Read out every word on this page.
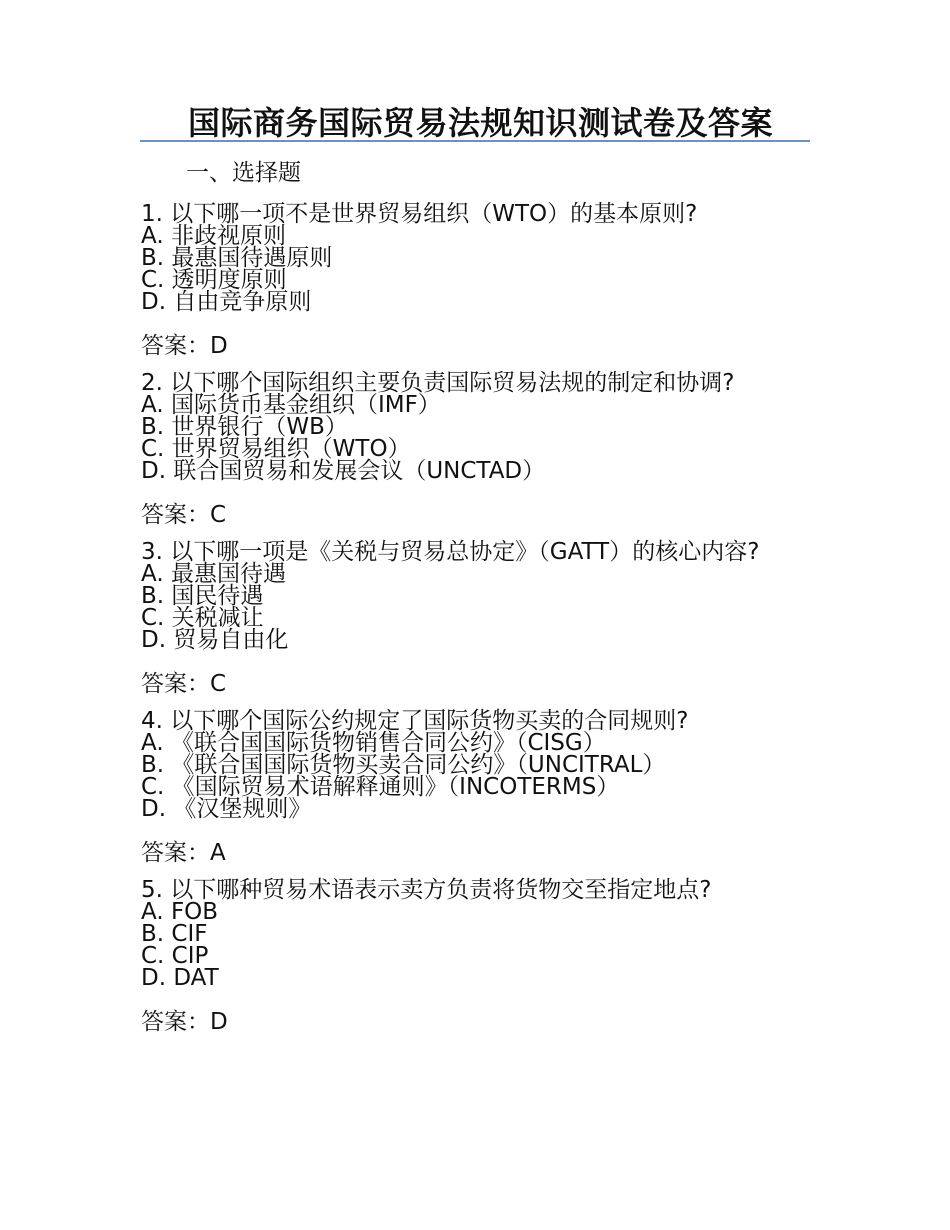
国际商务国际贸易法规知识测试卷及答案
一、选择题
1. 以下哪一项不是世界贸易组织（WTO）的基本原则?
A. 非歧视原则
B. 最惠国待遇原则
C. 透明度原则
D. 自由竞争原则
答案：D
2. 以下哪个国际组织主要负责国际贸易法规的制定和协调?
A. 国际货币基金组织（IMF）
B. 世界银行（WB）
C. 世界贸易组织（WTO）
D. 联合国贸易和发展会议（UNCTAD）
答案：C
3. 以下哪一项是《关税与贸易总协定》（GATT）的核心内容?
A. 最惠国待遇
B. 国民待遇
C. 关税减让
D. 贸易自由化
答案：C
4. 以下哪个国际公约规定了国际货物买卖的合同规则?
A. 《联合国国际货物销售合同公约》（CISG）
B. 《联合国国际货物买卖合同公约》（UNCITRAL）
C. 《国际贸易术语解释通则》（INCOTERMS）
D. 《汉堡规则》
答案：A
5. 以下哪种贸易术语表示卖方负责将货物交至指定地点?
A. FOB
B. CIF
C. CIP
D. DAT
答案：D
